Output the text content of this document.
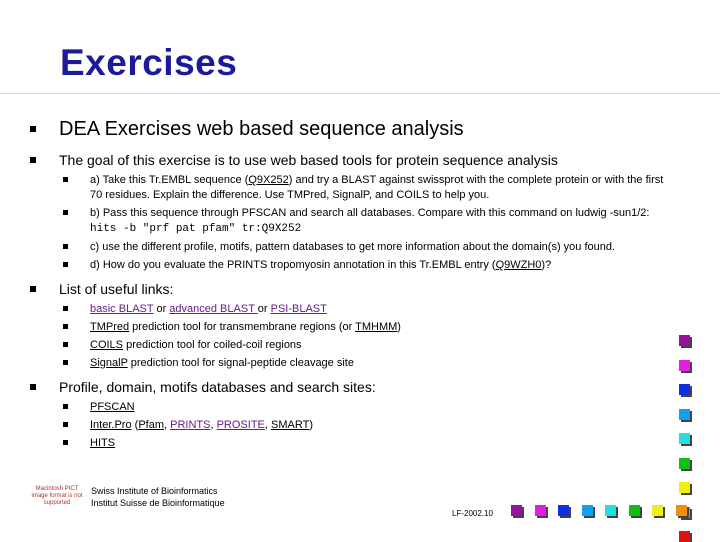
Exercises
DEA Exercises web based sequence analysis
The goal of this exercise is to use web based tools for protein sequence analysis
a) Take this Tr.EMBL sequence (Q9X252) and try a BLAST against swissprot with the complete protein or with the first 70 residues. Explain the difference. Use TMPred, SignalP, and COILS to help you.
b) Pass this sequence through PFSCAN and search all databases. Compare with this command on ludwig -sun1/2: hits -b "prf pat pfam" tr:Q9X252
c) use the different profile, motifs, pattern databases to get more information about the domain(s) you found.
d) How do you evaluate the PRINTS tropomyosin annotation in this Tr.EMBL entry (Q9WZH0)?
List of useful links:
basic BLAST or advanced BLAST or PSI-BLAST
TMPred prediction tool for transmembrane regions (or TMHMM)
COILS prediction tool for coiled-coil regions
SignalP prediction tool for signal-peptide cleavage site
Profile, domain, motifs databases and search sites:
PFSCAN
Inter.Pro (Pfam, PRINTS, PROSITE, SMART)
HITS
Macintosh PICT image format is not supported
Swiss Institute of Bioinformatics
Institut Suisse de Bioinformatique
LF-2002.10
